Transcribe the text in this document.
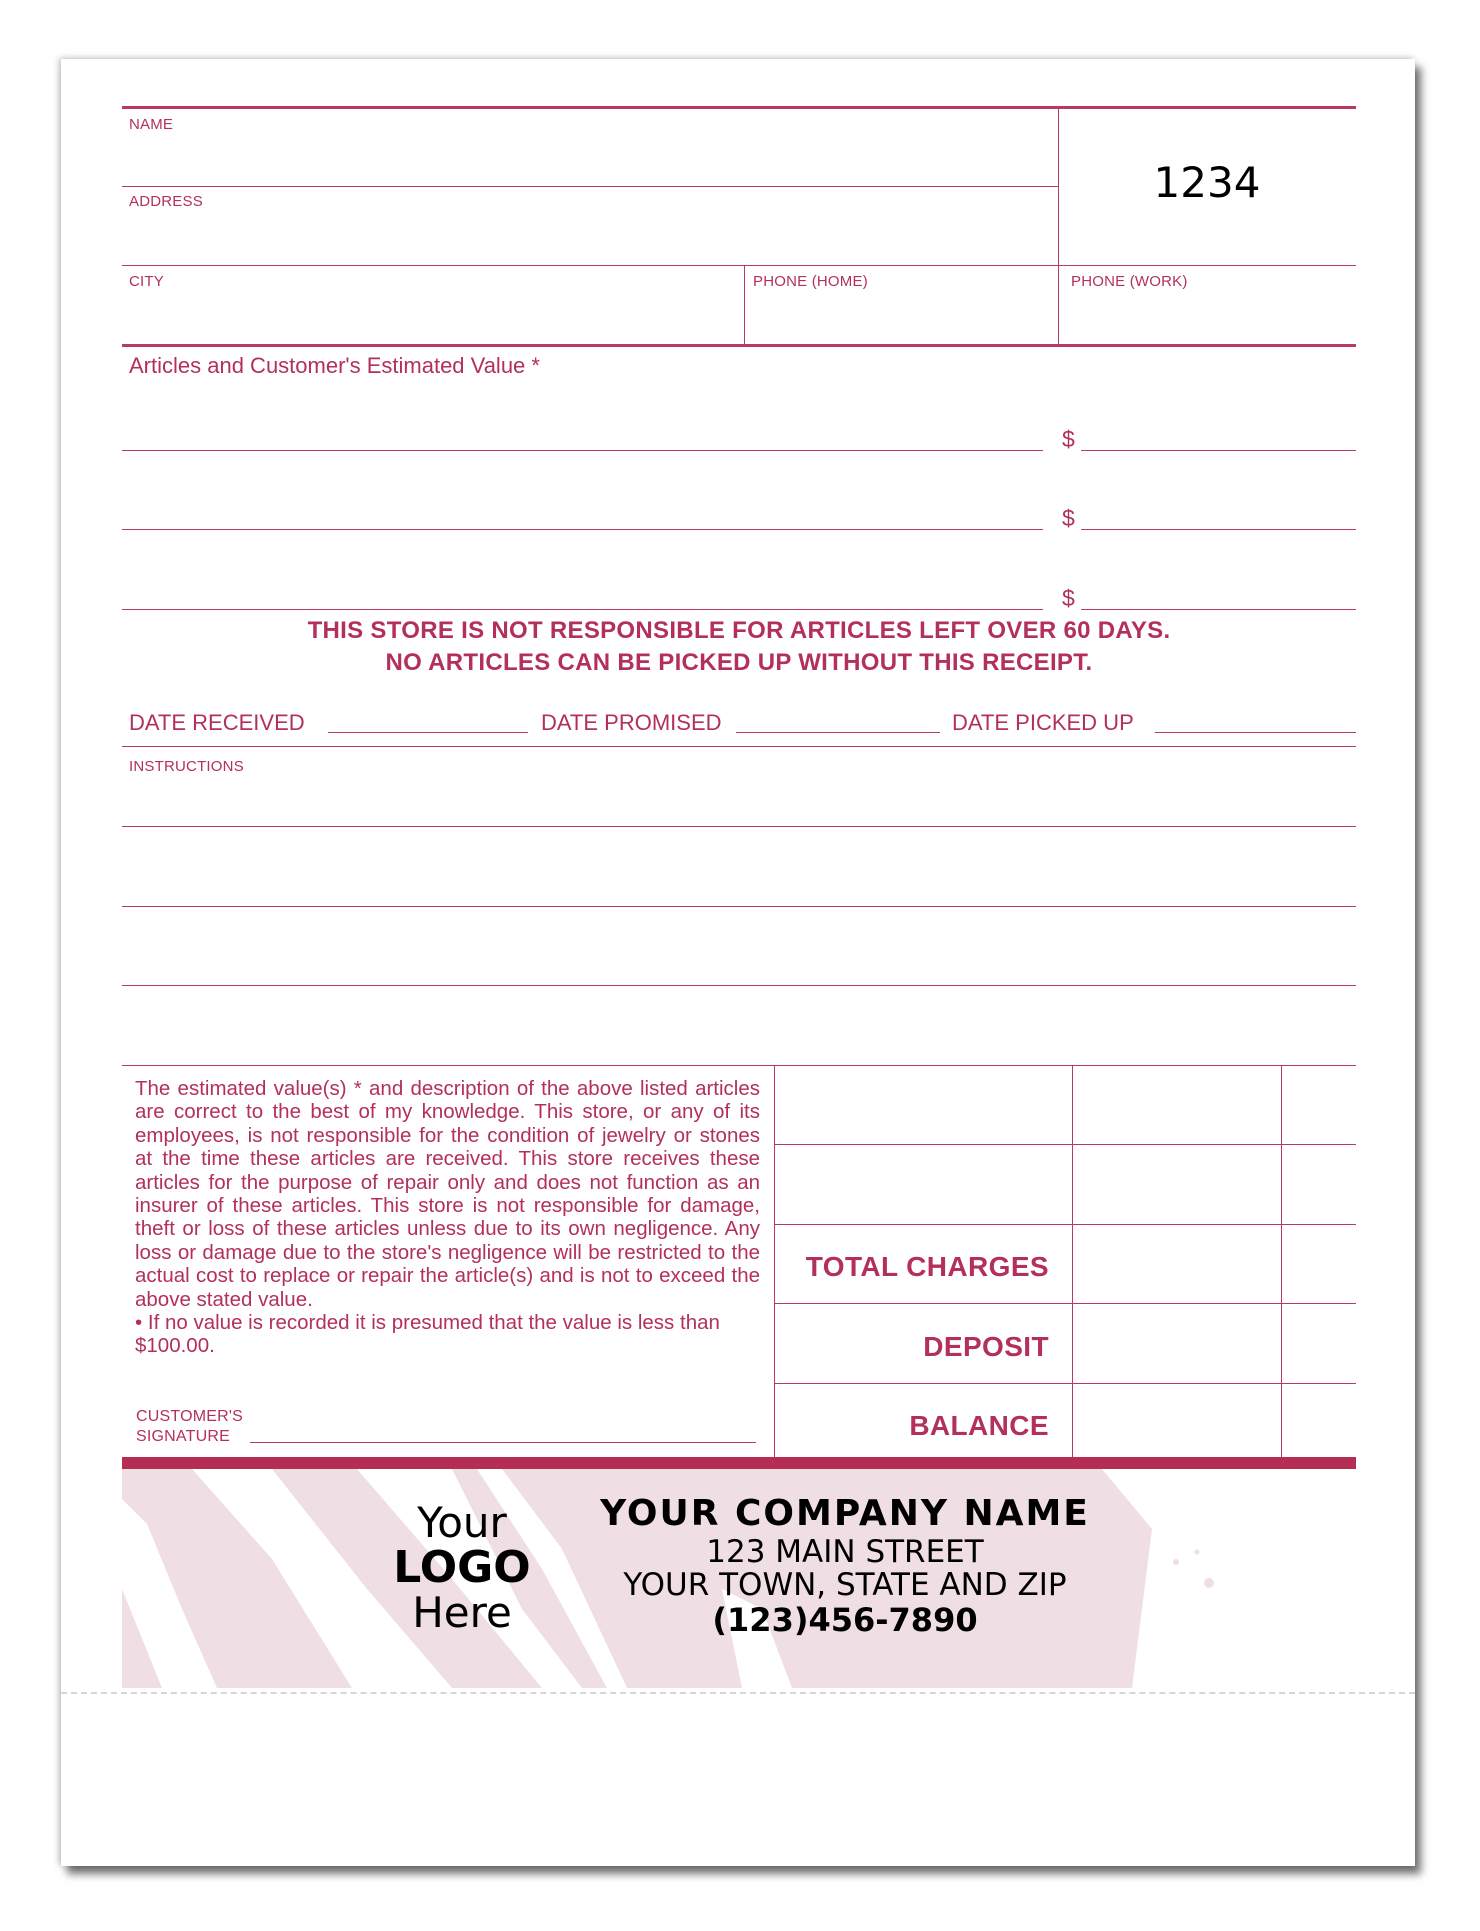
NAME
ADDRESS
CITY	PHONE (HOME)	PHONE (WORK)
1234
Articles and Customer's Estimated Value *
$
$
$
THIS STORE IS NOT RESPONSIBLE FOR ARTICLES LEFT OVER 60 DAYS.
NO ARTICLES CAN BE PICKED UP WITHOUT THIS RECEIPT.
DATE RECEIVED	DATE PROMISED	DATE PICKED UP
INSTRUCTIONS

The estimated value(s) * and description of the above listed articles are correct to the best of my knowledge. This store, or any of its employees, is not responsible for the condition of jewelry or stones at the time these articles are received. This store receives these articles for the purpose of repair only and does not function as an insurer of these articles. This store is not responsible for damage, theft or loss of these articles unless due to its own negligence. Any loss or damage due to the store's negligence will be restricted to the actual cost to replace or repair the article(s) and is not to exceed the above stated value.

• If no value is recorded it is presumed that the value is less than $100.00.

CUSTOMER'S
SIGNATURE
TOTAL CHARGES
DEPOSIT
BALANCE
Your
LOGO
Here
YOUR COMPANY NAME
123 MAIN STREET
YOUR TOWN, STATE AND ZIP
(123)456-7890
